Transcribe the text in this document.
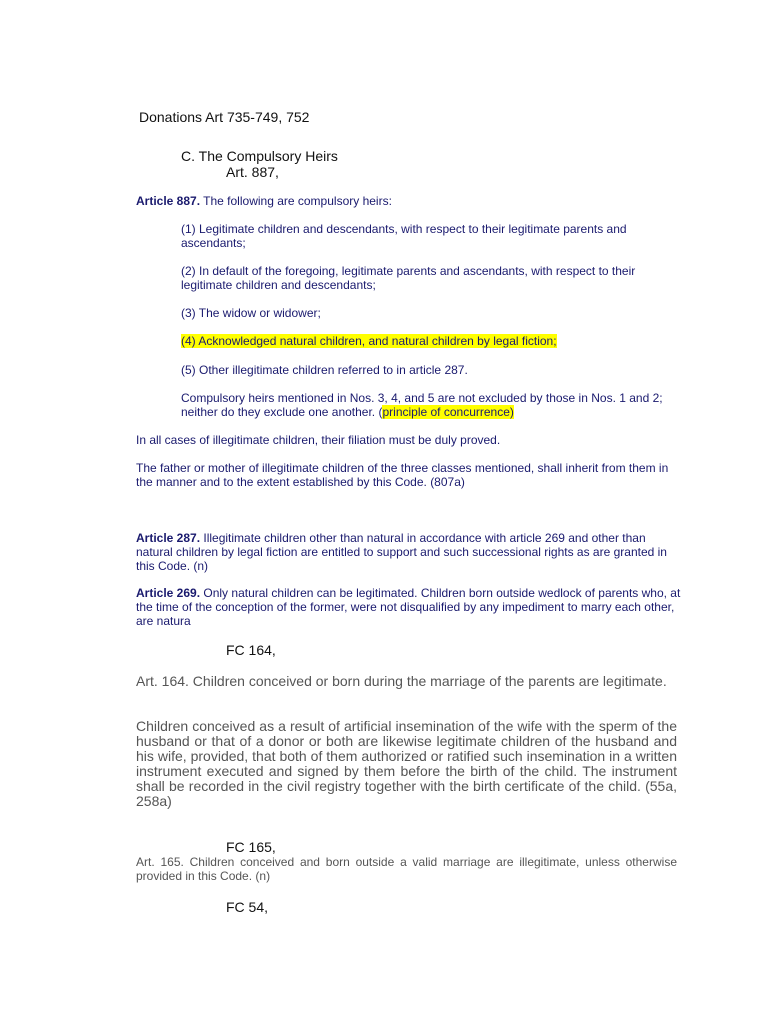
Donations Art 735-749, 752

C. The Compulsory Heirs
Art. 887,

Article 887. The following are compulsory heirs:

(1) Legitimate children and descendants, with respect to their legitimate parents and ascendants;

(2) In default of the foregoing, legitimate parents and ascendants, with respect to their legitimate children and descendants;

(3) The widow or widower;

(4) Acknowledged natural children, and natural children by legal fiction;

(5) Other illegitimate children referred to in article 287.

Compulsory heirs mentioned in Nos. 3, 4, and 5 are not excluded by those in Nos. 1 and 2; neither do they exclude one another. (principle of concurrence)

In all cases of illegitimate children, their filiation must be duly proved.

The father or mother of illegitimate children of the three classes mentioned, shall inherit from them in the manner and to the extent established by this Code. (807a)

Article 287. Illegitimate children other than natural in accordance with article 269 and other than natural children by legal fiction are entitled to support and such successional rights as are granted in this Code. (n)

Article 269. Only natural children can be legitimated. Children born outside wedlock of parents who, at the time of the conception of the former, were not disqualified by any impediment to marry each other, are natura

FC 164,

Art. 164. Children conceived or born during the marriage of the parents are legitimate.

Children conceived as a result of artificial insemination of the wife with the sperm of the husband or that of a donor or both are likewise legitimate children of the husband and his wife, provided, that both of them authorized or ratified such insemination in a written instrument executed and signed by them before the birth of the child. The instrument shall be recorded in the civil registry together with the birth certificate of the child. (55a, 258a)

FC 165,

Art. 165. Children conceived and born outside a valid marriage are illegitimate, unless otherwise provided in this Code. (n)

FC 54,
